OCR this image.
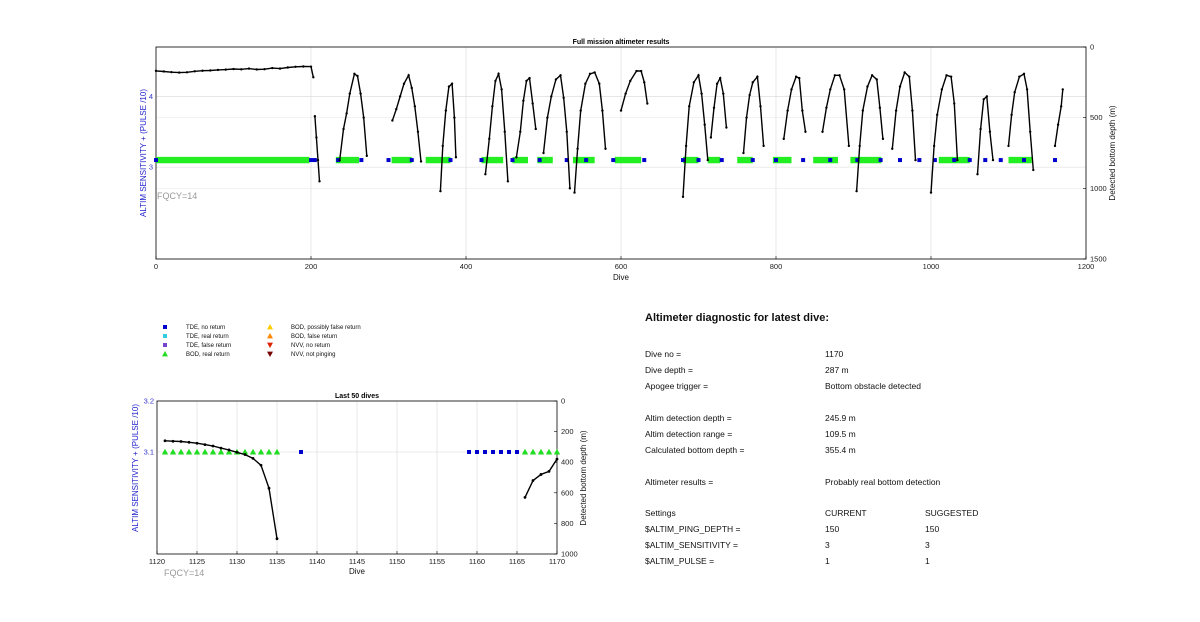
Full mission altimeter results
Dive
ALTIM SENSITIVITY + (PULSE /10)	Detected bottom depth (m)
FQCY=14
0	200	400	600	800	1000	1200
3
4
0
500
1000
1500
Last 50 dives
Dive
ALTIM SENSITIVITY + (PULSE /10)	Detected bottom depth (m)
FQCY=14
1120	1125	1130	1135	1140	1145	1150	1155	1160	1165	1170
3.1
3.2	0
200
400
600
800
1000
TDE, no return
TDE, real return
TDE, false return
BOD, real return
BOD, possibly false return
BOD, false return
NVV, no return
NVV, not pinging
Altimeter diagnostic for latest dive:
Dive no =	1170
Dive depth =	287 m
Apogee trigger =	Bottom obstacle detected
Altim detection depth =	245.9 m
Altim detection range =	109.5 m
Calculated bottom depth =	355.4 m
Altimeter results =	Probably real bottom detection
Settings	CURRENT	SUGGESTED
$ALTIM_PING_DEPTH =	150	150
$ALTIM_SENSITIVITY =	3	3
$ALTIM_PULSE =	1	1
